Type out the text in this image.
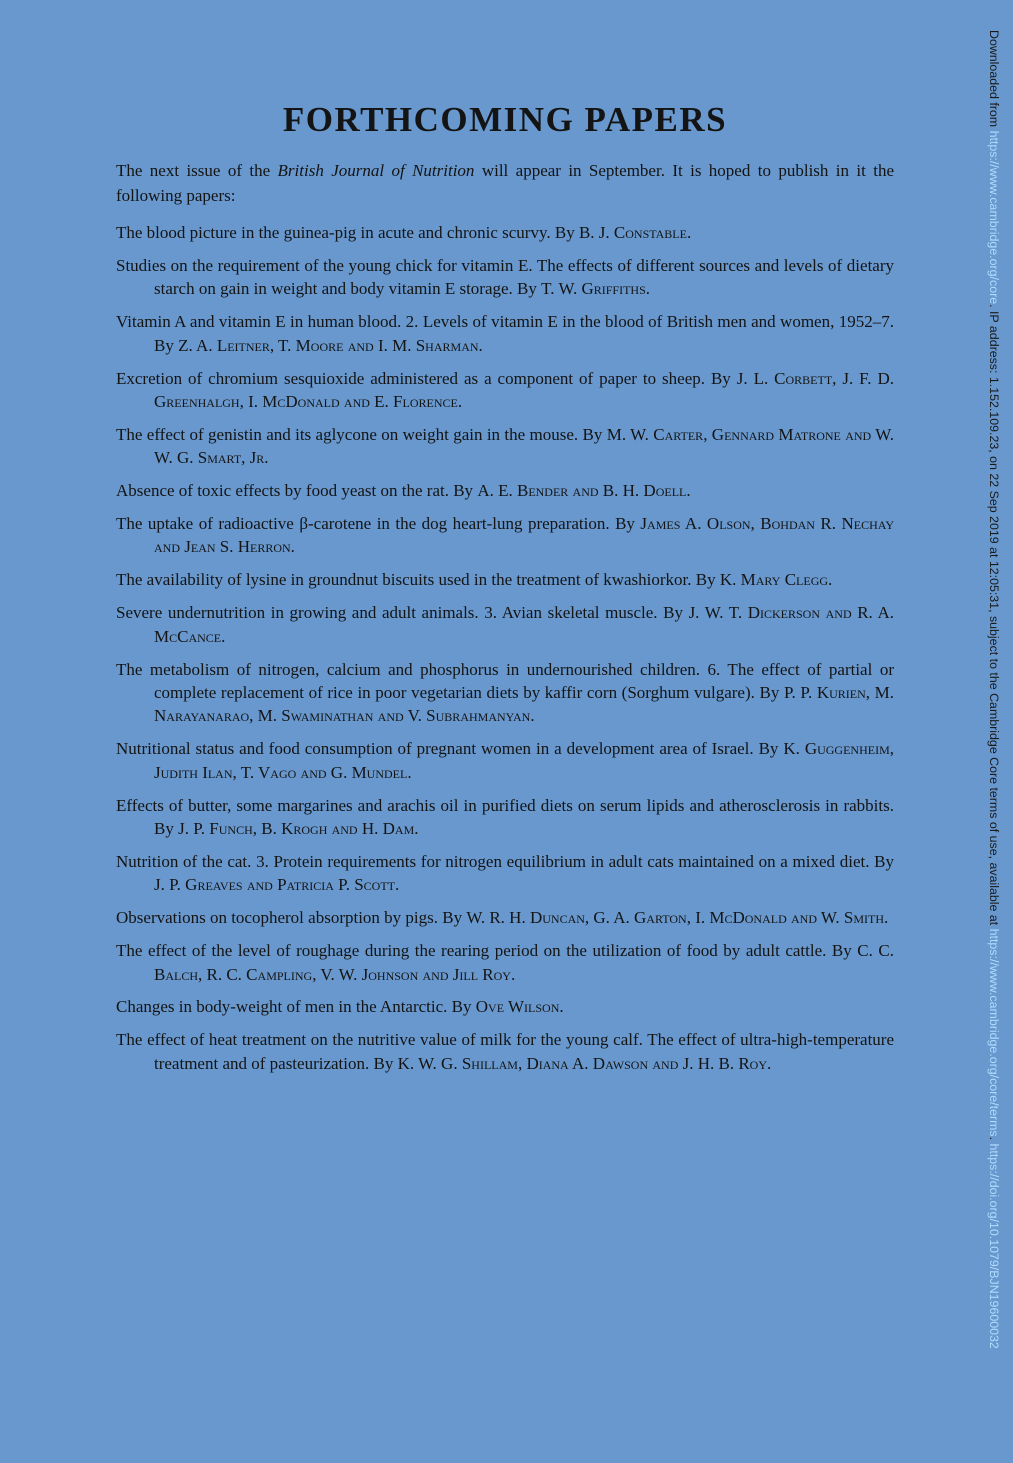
FORTHCOMING PAPERS

The next issue of the British Journal of Nutrition will appear in September. It is hoped to publish in it the following papers:

The blood picture in the guinea-pig in acute and chronic scurvy. By B. J. Constable.
Studies on the requirement of the young chick for vitamin E. The effects of different sources and levels of dietary starch on gain in weight and body vitamin E storage. By T. W. Griffiths.
Vitamin A and vitamin E in human blood. 2. Levels of vitamin E in the blood of British men and women, 1952–7. By Z. A. Leitner, T. Moore and I. M. Sharman.
Excretion of chromium sesquioxide administered as a component of paper to sheep. By J. L. Corbett, J. F. D. Greenhalgh, I. McDonald and E. Florence.
The effect of genistin and its aglycone on weight gain in the mouse. By M. W. Carter, Gennard Matrone and W. W. G. Smart, Jr.
Absence of toxic effects by food yeast on the rat. By A. E. Bender and B. H. Doell.
The uptake of radioactive β-carotene in the dog heart-lung preparation. By James A. Olson, Bohdan R. Nechay and Jean S. Herron.
The availability of lysine in groundnut biscuits used in the treatment of kwashiorkor. By K. Mary Clegg.
Severe undernutrition in growing and adult animals. 3. Avian skeletal muscle. By J. W. T. Dickerson and R. A. McCance.
The metabolism of nitrogen, calcium and phosphorus in undernourished children. 6. The effect of partial or complete replacement of rice in poor vegetarian diets by kaffir corn (Sorghum vulgare). By P. P. Kurien, M. Narayanarao, M. Swaminathan and V. Subrahmanyan.
Nutritional status and food consumption of pregnant women in a development area of Israel. By K. Guggenheim, Judith Ilan, T. Vago and G. Mundel.
Effects of butter, some margarines and arachis oil in purified diets on serum lipids and atherosclerosis in rabbits. By J. P. Funch, B. Krogh and H. Dam.
Nutrition of the cat. 3. Protein requirements for nitrogen equilibrium in adult cats maintained on a mixed diet. By J. P. Greaves and Patricia P. Scott.
Observations on tocopherol absorption by pigs. By W. R. H. Duncan, G. A. Garton, I. McDonald and W. Smith.
The effect of the level of roughage during the rearing period on the utilization of food by adult cattle. By C. C. Balch, R. C. Campling, V. W. Johnson and Jill Roy.
Changes in body-weight of men in the Antarctic. By Ove Wilson.
The effect of heat treatment on the nutritive value of milk for the young calf. The effect of ultra-high-temperature treatment and of pasteurization. By K. W. G. Shillam, Diana A. Dawson and J. H. B. Roy.
Downloaded from https://www.cambridge.org/core. IP address: 1.152.109.23, on 22 Sep 2019 at 12:05:31, subject to the Cambridge Core terms of use, available at https://www.cambridge.org/core/terms. https://doi.org/10.1079/BJN19600032
